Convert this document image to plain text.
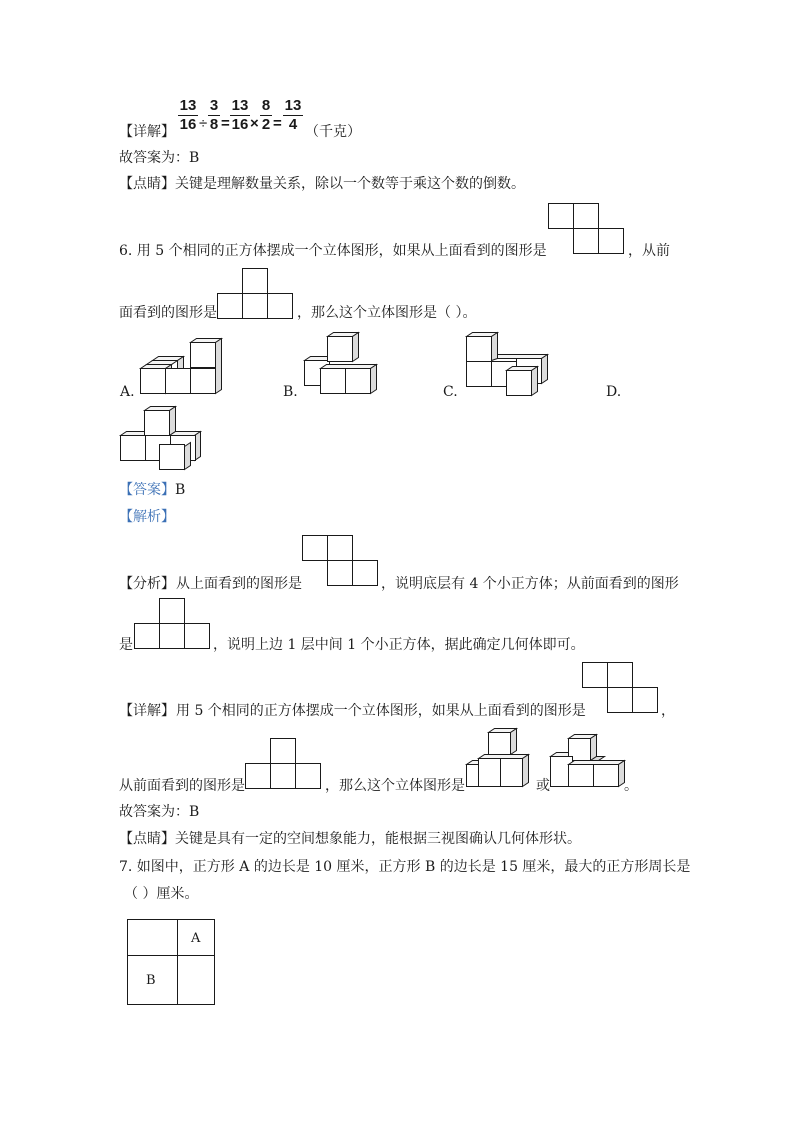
【详解】
13
16 ÷
3
8 =
13
16 ×
8
2 =
13
4 （千克）
故答案为：B
【点睛】关键是理解数量关系，除以一个数等于乘这个数的倒数。
6. 用 5 个相同的正方体摆成一个立体图形，如果从上面看到的图形是	，从前
面看到的图形是	，那么这个立体图形是（ ）。
A.	B.	C.	D.
【答案】B
【解析】
【分析】 从上面看到的图形是	，说明底层有 4 个小正方体；从前面看到的图形
是	，说明上边 1 层中间 1 个小正方体，据此确定几何体即可。
【详解】 用 5 个相同的正方体摆成一个立体图形，如果从上面看到的图形是	，
从前面看到的图形是	，那么这个立体图形是	或	。
故答案为：B
【点睛】关键是具有一定的空间想象能力，能根据三视图确认几何体形状。
7. 如图中，正方形 A 的边长是 10 厘米，正方形 B 的边长是 15 厘米，最大的正方形周长是
（ ）厘米。
A
B
